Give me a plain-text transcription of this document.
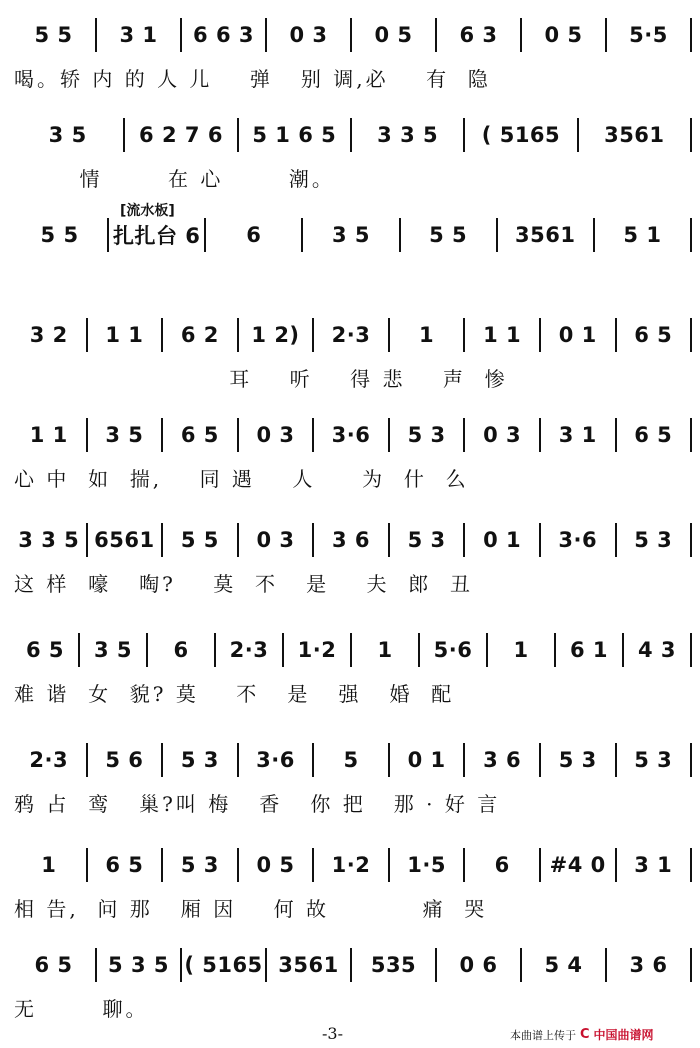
5 5	3 1	6 6 3	0 3	0 5	6 3	0 5	5·5
喝。轿 内 的 人 儿    弹   别 调,必    有  隐
3 5	6 2 7 6	5 1 6 5	3 3 5	( 5165	3561
情       在 心       潮。
[流水板]
5 5	扎扎台 6	6	3 5	5 5	3561	5 1
3 2	1 1	6 2	1 2)	2·3	1	1 1	0 1	6 5
耳    听    得 悲    声  惨
1 1	3 5	6 5	0 3	3·6	5 3	0 3	3 1	6 5
心 中  如  揣,    同 遇    人     为  什  么
3 3 5 6561	5 5	0 3	3 6	5 3	0 1	3·6	5 3
这 样  嚎   啕?    莫  不   是    夫  郎  丑
6 5	3 5	6	2·3	1·2	1	5·6	1	6 1	4 3
难 谐  女  貌? 莫    不   是   强   婚  配
2·3	5 6	5 3	3·6	5	0 1	3 6	5 3	5 3
鸦 占  鸾   巢?叫 梅   香   你 把   那 · 好 言
1	6 5	5 3	0 5	1·2	1·5	6	#4 0	3 1
相 告,  问 那   厢 因    何 故          痛  哭
6 5	5 3 5 ( 5165 3561	535	0 6	5 4	3 6
无       聊。
-3-	本曲谱上传于 C 中国曲谱网
